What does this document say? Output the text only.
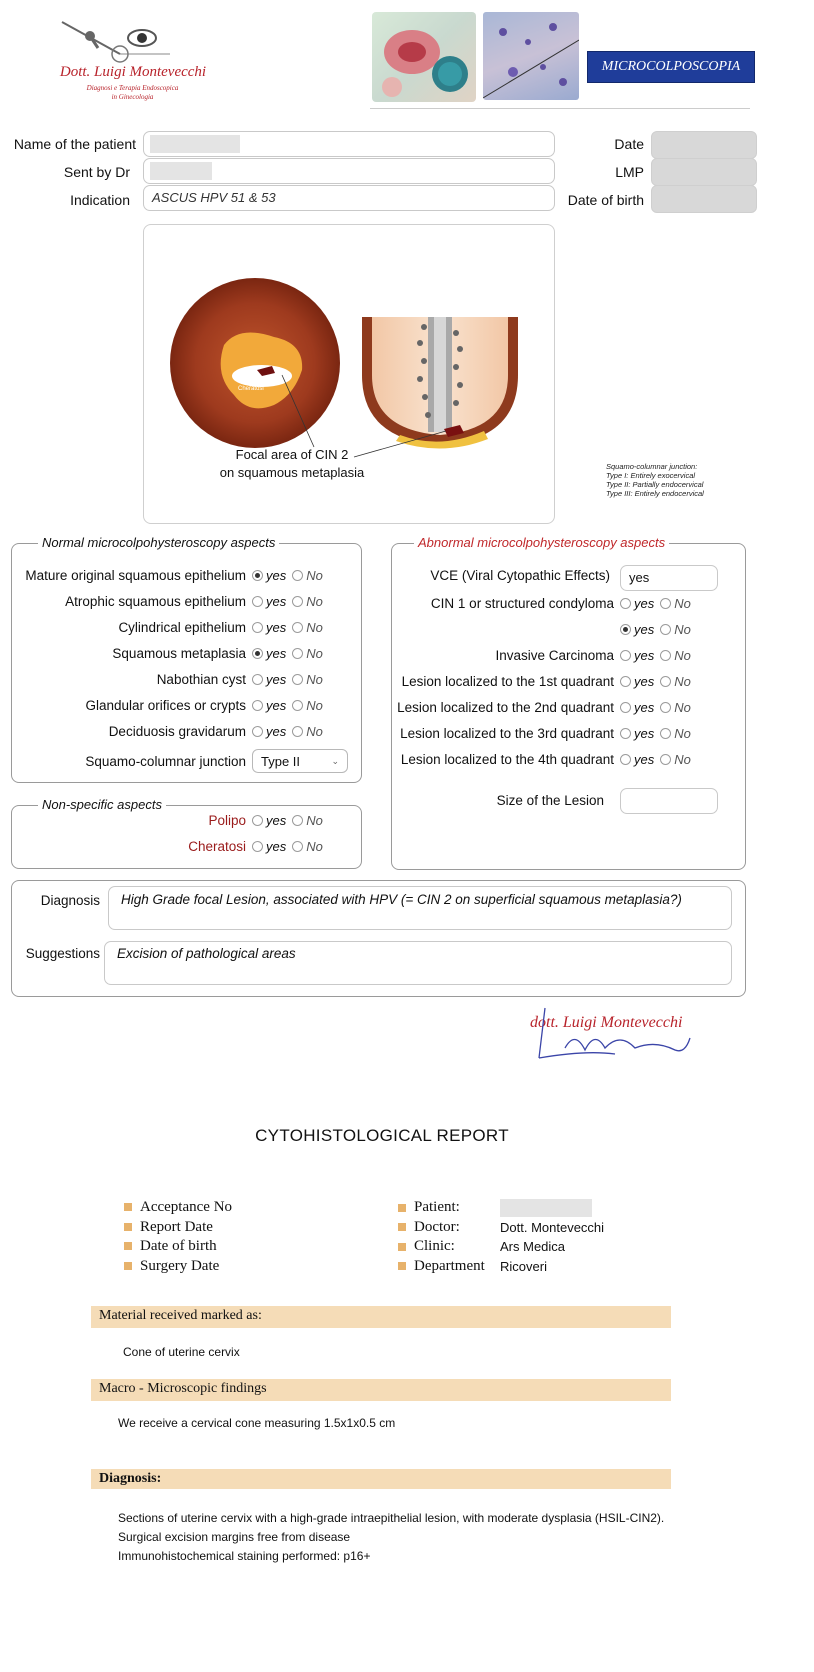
Dott. Luigi Montevecchi
Diagnosi e Terapia Endoscopica
in Ginecologia
MICROCOLPOSCOPIA
Name of the patient
Sent by Dr
Indication	ASCUS HPV 51 & 53
Date
LMP
Date of birth
Cheratosi
Focal area of CIN 2
on squamous metaplasia	Squamo-columnar junction:
Type I: Entirely exocervical
Type II: Partially endocervical
Type III: Entirely endocervical
Normal microcolpohysteroscopy aspects
Mature original squamous epithelium yes No
Atrophic squamous epithelium yes No
Cylindrical epithelium yes No
Squamous metaplasia yes No
Nabothian cyst yes No
Glandular orifices or crypts yes No
Deciduosis gravidarum yes No
Squamo-columnar junction Type II	⌄
Non-specific aspects
Polipo yes No
Cheratosi yes No
Abnormal microcolpohysteroscopy aspects
VCE (Viral Cytopathic Effects)	yes
CIN 1 or structured condyloma yes No
yes No
Invasive Carcinoma yes No
Lesion localized to the 1st quadrant yes No
Lesion localized to the 2nd quadrant yes No
Lesion localized to the 3rd quadrant yes No
Lesion localized to the 4th quadrant yes No
Size of the Lesion
Diagnosis	High Grade focal Lesion, associated with HPV (= CIN 2 on superficial squamous metaplasia?)
Suggestions	Excision of pathological areas
dott. Luigi Montevecchi
CYTOHISTOLOGICAL REPORT
Acceptance No
Report Date
Date of birth
Surgery Date
Patient:
Doctor:	Dott. Montevecchi
Clinic:	Ars Medica
Department	Ricoveri
Material received marked as:
Cone of uterine cervix
Macro - Microscopic findings
We receive a cervical cone measuring 1.5x1x0.5 cm
Diagnosis:
Sections of uterine cervix with a high-grade intraepithelial lesion, with moderate dysplasia (HSIL-CIN2).
Surgical excision margins free from disease
Immunohistochemical staining performed: p16+
